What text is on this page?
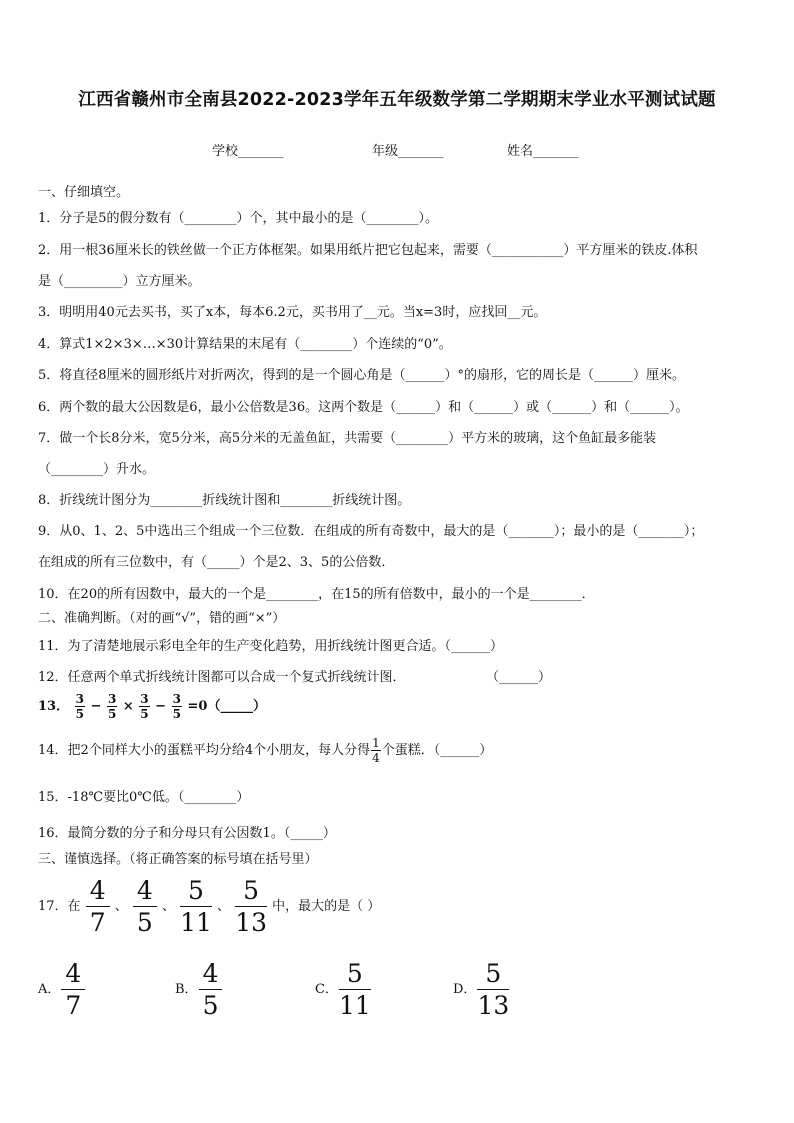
江西省赣州市全南县2022-2023学年五年级数学第二学期期末学业水平测试试题
学校_______	年级_______	姓名_______
一、仔细填空。
1．分子是5的假分数有（________）个，其中最小的是（________）。
2．用一根36厘米长的铁丝做一个正方体框架。如果用纸片把它包起来，需要（___________）平方厘米的铁皮.体积
是（_________）立方厘米。
3．明明用40元去买书，买了x本，每本6.2元，买书用了__元。当x=3时，应找回__元。
4．算式1×2×3×…×30计算结果的末尾有（________）个连续的“0”。
5．将直径8厘米的圆形纸片对折两次，得到的是一个圆心角是（______）°的扇形，它的周长是（______）厘米。
6．两个数的最大公因数是6，最小公倍数是36。这两个数是（______）和（______）或（______）和（______）。
7．做一个长8分米，宽5分米，高5分米的无盖鱼缸，共需要（________）平方米的玻璃，这个鱼缸最多能装
（________）升水。
8．折线统计图分为________折线统计图和________折线统计图。
9．从0、1、2、5中选出三个组成一个三位数．在组成的所有奇数中，最大的是（_______）；最小的是（_______）；
在组成的所有三位数中，有（_____）个是2、3、5的公倍数．
10．在20的所有因数中，最大的一个是________，在15的所有倍数中，最小的一个是________．
二、准确判断。（对的画“√”，错的画“×”）
11．为了清楚地展示彩电全年的生产变化趋势，用折线统计图更合适。（______）
12．任意两个单式折线统计图都可以合成一个复式折线统计图．	（______）
13． $\frac{3}{5} - \frac{3}{5} \times \frac{3}{5} - \frac{3}{5}$ =0（_____）
14．把2个同样大小的蛋糕平均分给4个小朋友，每人分得 $\frac{1}{4}$ 个蛋糕．（______）
15．-18℃要比0℃低。（________）
16．最简分数的分子和分母只有公因数1。（_____）
三、谨慎选择。（将正确答案的标号填在括号里）
17．在 $\frac{4}{7}$ 、 $\frac{4}{5}$ 、 $\frac{5}{11}$ 、 $\frac{5}{13}$ 中，最大的是（ ）
A． $\frac{4}{7}$	B． $\frac{4}{5}$	C． $\frac{5}{11}$	D． $\frac{5}{13}$
